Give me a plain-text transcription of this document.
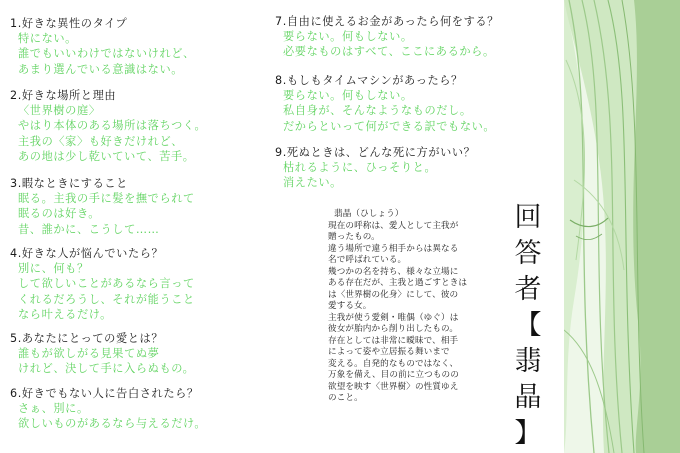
1.好きな異性のタイプ
特にない。
誰でもいいわけではないけれど、
あまり選んでいる意識はない。
2.好きな場所と理由
〈世界樹の庭〉
やはり本体のある場所は落ちつく。
主我の〈家〉も好きだけれど、
あの地は少し乾いていて、苦手。
3.暇なときにすること
眠る。主我の手に髪を撫でられて
眠るのは好き。
昔、誰かに、こうして……
4.好きな人が悩んでいたら？
別に、何も？
して欲しいことがあるなら言って
くれるだろうし、それが能うこと
なら叶えるだけ。
5.あなたにとっての愛とは？
誰もが欲しがる見果てぬ夢
けれど、決して手に入らぬもの。
6.好きでもない人に告白されたら？
さぁ、別に。
欲しいものがあるなら与えるだけ。
7.自由に使えるお金があったら何をする？
要らない。何もしない。
必要なものはすべて、ここにあるから。
8.もしもタイムマシンがあったら？
要らない。何もしない。
私自身が、そんなようなものだし。
だからといって何ができる訳でもない。
9.死ぬときは、どんな死に方がいい？
枯れるように、ひっそりと。
消えたい。
翡晶（ひしょう）
現在の呼称は、愛人として主我が
贈ったもの。
違う場所で違う相手からは異なる
名で呼ばれている。
幾つかの名を持ち、様々な立場に
ある存在だが、主我と過ごすときは
は〈世界樹の化身〉にして、彼の
愛する女。
主我が使う愛剣・唯偶（ゆぐ）は
彼女が胎内から削り出したもの。
存在としては非常に曖昧で、相手
によって姿や立居振る舞いまで
変える。自発的なものではなく、
万象を備え、目の前に立つものの
欲望を映す〈世界樹〉の性質ゆえ
のこと。
回
答
者
【
翡
晶
】
